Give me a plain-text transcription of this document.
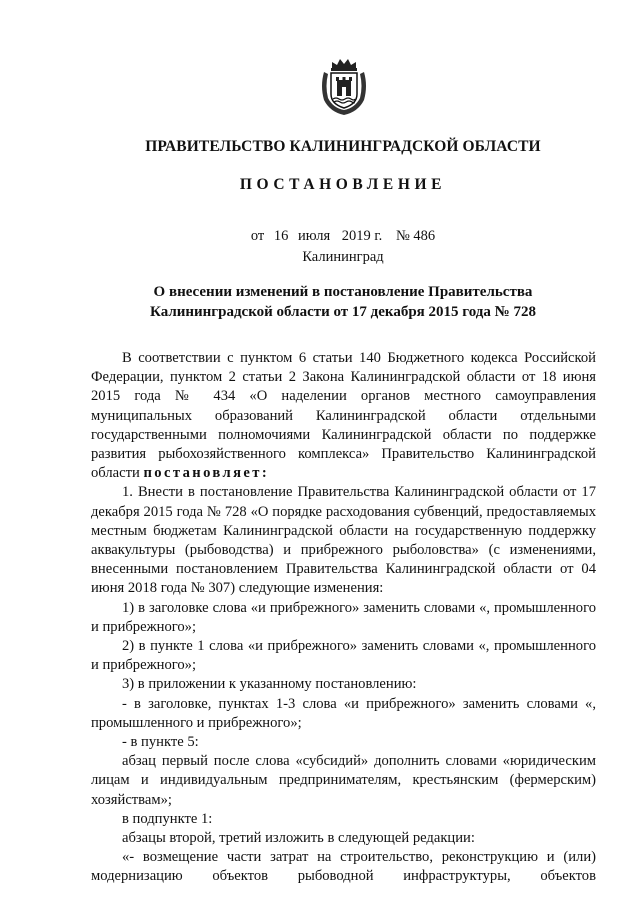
ПРАВИТЕЛЬСТВО КАЛИНИНГРАДСКОЙ ОБЛАСТИ
ПОСТАНОВЛЕНИЕ
от 16 июля 2019 г. № 486
Калининград
О внесении изменений в постановление Правительства
Калининградской области от 17 декабря 2015 года № 728

В соответствии с пунктом 6 статьи 140 Бюджетного кодекса Российской Федерации, пунктом 2 статьи 2 Закона Калининградской области от 18 июня 2015 года № 434 «О наделении органов местного самоуправления муниципальных образований Калининградской области отдельными государственными полномочиями Калининградской области по поддержке развития рыбохозяйственного комплекса» Правительство Калининградской области постановляет:

1. Внести в постановление Правительства Калининградской области от 17 декабря 2015 года № 728 «О порядке расходования субвенций, предоставляемых местным бюджетам Калининградской области на государственную поддержку аквакультуры (рыбоводства) и прибрежного рыболовства» (с изменениями, внесенными постановлением Правительства Калининградской области от 04 июня 2018 года № 307) следующие изменения:

1) в заголовке слова «и прибрежного» заменить словами «, промышленного и прибрежного»;

2) в пункте 1 слова «и прибрежного» заменить словами «, промышленного и прибрежного»;

3) в приложении к указанному постановлению:

- в заголовке, пунктах 1-3 слова «и прибрежного» заменить словами «, промышленного и прибрежного»;

- в пункте 5:

абзац первый после слова «субсидий» дополнить словами «юридическим лицам и индивидуальным предпринимателям, крестьянским (фермерским) хозяйствам»;

в подпункте 1:

абзацы второй, третий изложить в следующей редакции:

«- возмещение части затрат на строительство, реконструкцию и (или) модернизацию объектов рыбоводной инфраструктуры, объектов
